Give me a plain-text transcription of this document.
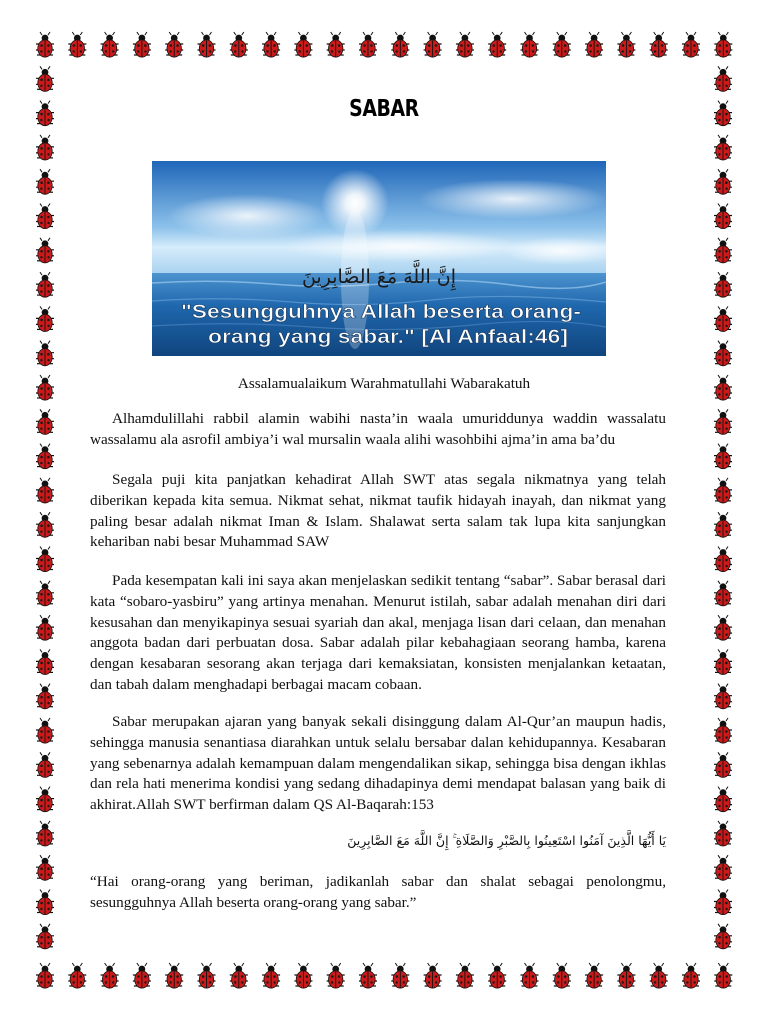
SABAR
إِنَّ اللَّهَ مَعَ الصَّابِرِينَ
"Sesungguhnya Allah beserta orang-
orang yang sabar." [Al Anfaal:46]
Assalamualaikum Warahmatullahi Wabarakatuh
Alhamdulillahi rabbil alamin wabihi nasta’in waala umuriddunya waddin wassalatu wassalamu ala asrofil ambiya’i wal mursalin waala alihi wasohbihi ajma’in ama ba’du
Segala puji kita panjatkan kehadirat Allah SWT atas segala nikmatnya yang telah diberikan kepada kita semua. Nikmat sehat, nikmat taufik hidayah inayah, dan nikmat yang paling besar adalah nikmat Iman & Islam. Shalawat serta salam tak lupa kita sanjungkan kehariban nabi besar Muhammad SAW
Pada kesempatan kali ini saya akan menjelaskan sedikit tentang “sabar”. Sabar berasal dari kata “sobaro-yasbiru” yang artinya menahan. Menurut istilah, sabar adalah menahan diri dari kesusahan dan menyikapinya sesuai syariah dan akal, menjaga lisan dari celaan, dan menahan anggota badan dari perbuatan dosa. Sabar adalah pilar kebahagiaan seorang hamba, karena dengan kesabaran sesorang akan terjaga dari kemaksiatan, konsisten menjalankan ketaatan, dan tabah dalam menghadapi berbagai macam cobaan.
Sabar merupakan ajaran yang banyak sekali disinggung dalam Al-Qur’an maupun hadis, sehingga manusia senantiasa diarahkan untuk selalu bersabar dalan kehidupannya. Kesabaran yang sebenarnya adalah kemampuan dalam mengendalikan sikap, sehingga bisa dengan ikhlas dan rela hati menerima kondisi yang sedang dihadapinya demi mendapat balasan yang baik di akhirat.Allah SWT berfirman dalam QS Al-Baqarah:153
يَا أَيُّهَا الَّذِينَ آمَنُوا اسْتَعِينُوا بِالصَّبْرِ وَالصَّلَاةِ ۚ إِنَّ اللَّهَ مَعَ الصَّابِرِينَ
“Hai orang-orang yang beriman, jadikanlah sabar dan shalat sebagai penolongmu, sesungguhnya Allah beserta orang-orang yang sabar.”
